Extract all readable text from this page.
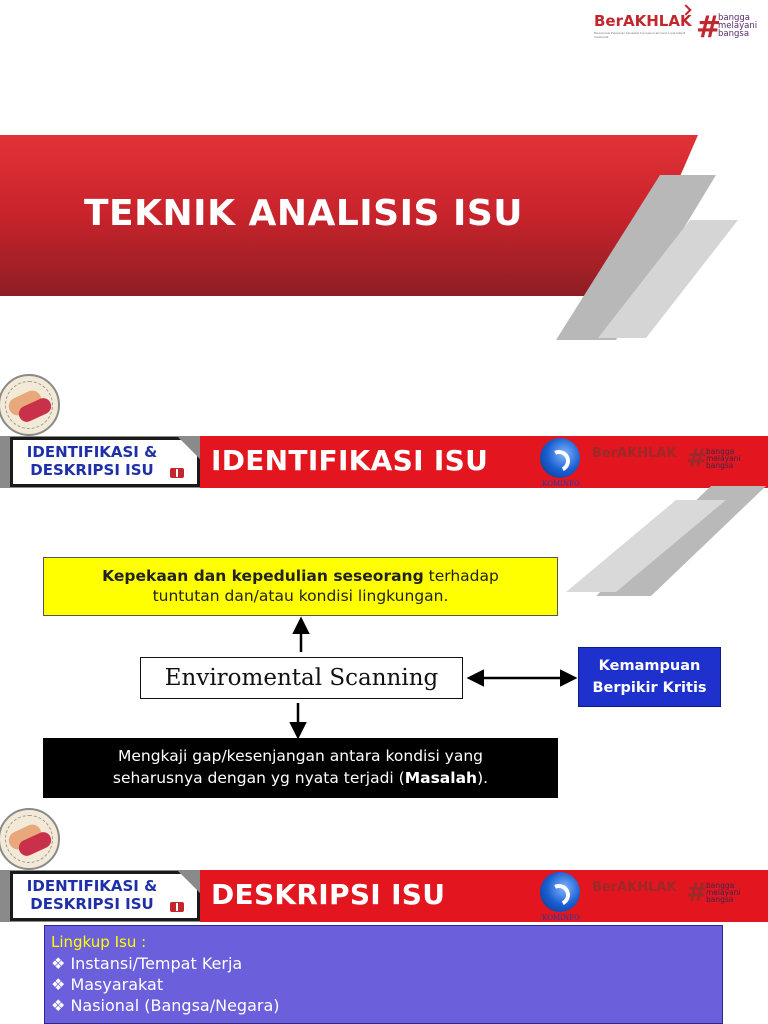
BerAKHLAK
Berorientasi Pelayanan Akuntabel Kompeten Harmonis Loyal Adaptif Kolaboratif	#
bangga
melayani
bangsa
TEKNIK ANALISIS ISU
IDENTIFIKASI & DESKRIPSI ISU	IDENTIFIKASI ISU
KOMINFO
BerAKHLAK #
bangga
melayani
bangsa
Kepekaan dan kepedulian seseorang terhadap
tuntutan dan/atau kondisi lingkungan.
Enviromental Scanning	Kemampuan
Berpikir Kritis
Mengkaji gap/kesenjangan antara kondisi yang
seharusnya dengan yg nyata terjadi (Masalah).
IDENTIFIKASI & DESKRIPSI ISU	DESKRIPSI ISU
KOMINFO
BerAKHLAK #
bangga
melayani
bangsa
Lingkup Isu :
❖ Instansi/Tempat Kerja
❖ Masyarakat
❖ Nasional (Bangsa/Negara)
